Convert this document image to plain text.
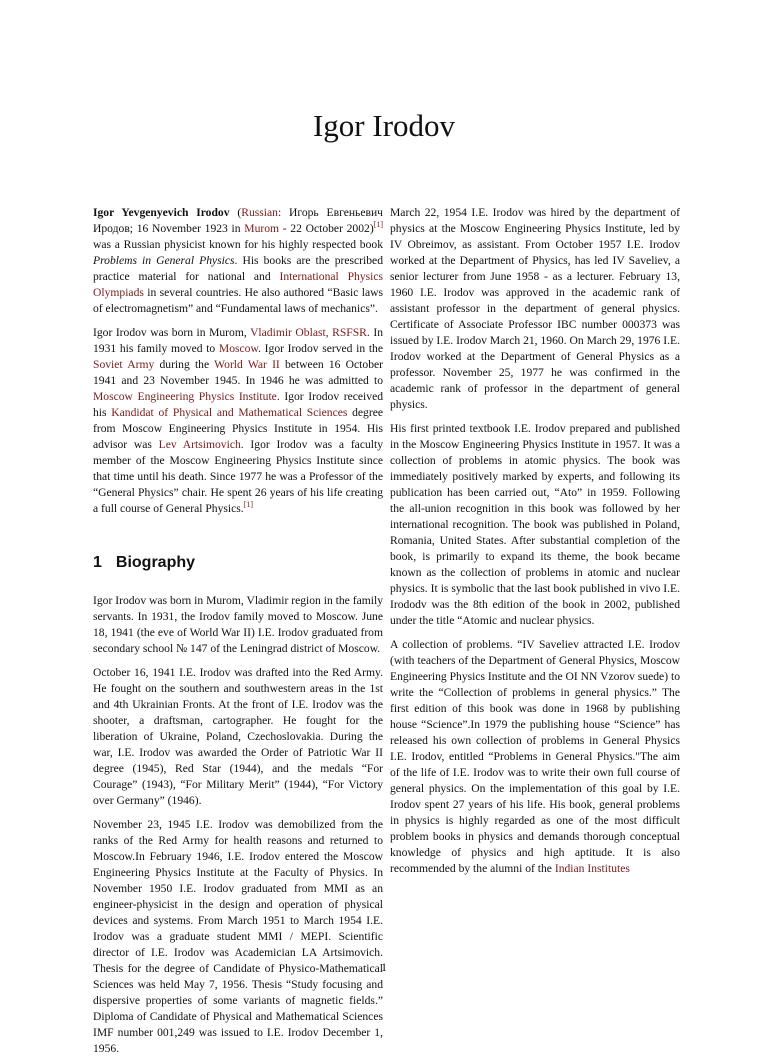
Igor Irodov

Igor Yevgenyevich Irodov (Russian: Игорь Евгеньевич Иродов; 16 November 1923 in Murom - 22 October 2002)[1] was a Russian physicist known for his highly respected book Problems in General Physics. His books are the prescribed practice material for national and International Physics Olympiads in several countries. He also authored “Basic laws of electromagnetism” and “Fundamental laws of mechanics”.

Igor Irodov was born in Murom, Vladimir Oblast, RSFSR. In 1931 his family moved to Moscow. Igor Irodov served in the Soviet Army during the World War II between 16 October 1941 and 23 November 1945. In 1946 he was admitted to Moscow Engineering Physics Institute. Igor Irodov received his Kandidat of Physical and Mathematical Sciences degree from Moscow Engineering Physics Institute in 1954. His advisor was Lev Artsimovich. Igor Irodov was a faculty member of the Moscow Engineering Physics Institute since that time until his death. Since 1977 he was a Professor of the “General Physics” chair. He spent 26 years of his life creating a full course of General Physics.[1]

1 Biography

Igor Irodov was born in Murom, Vladimir region in the family servants. In 1931, the Irodov family moved to Moscow. June 18, 1941 (the eve of World War II) I.E. Irodov graduated from secondary school № 147 of the Leningrad district of Moscow.

October 16, 1941 I.E. Irodov was drafted into the Red Army. He fought on the southern and southwestern areas in the 1st and 4th Ukrainian Fronts. At the front of I.E. Irodov was the shooter, a draftsman, cartographer. He fought for the liberation of Ukraine, Poland, Czechoslovakia. During the war, I.E. Irodov was awarded the Order of Patriotic War II degree (1945), Red Star (1944), and the medals “For Courage” (1943), “For Military Merit” (1944), “For Victory over Germany” (1946).

November 23, 1945 I.E. Irodov was demobilized from the ranks of the Red Army for health reasons and returned to Moscow.In February 1946, I.E. Irodov entered the Moscow Engineering Physics Institute at the Faculty of Physics. In November 1950 I.E. Irodov graduated from MMI as an engineer-physicist in the design and operation of physical devices and systems. From March 1951 to March 1954 I.E. Irodov was a graduate student MMI / MEPI. Scientific director of I.E. Irodov was Academician LA Artsimovich. Thesis for the degree of Candidate of Physico-Mathematical Sciences was held May 7, 1956. Thesis “Study focusing and dispersive properties of some variants of magnetic fields.” Diploma of Candidate of Physical and Mathematical Sciences IMF number 001,249 was issued to I.E. Irodov December 1, 1956.

March 22, 1954 I.E. Irodov was hired by the department of physics at the Moscow Engineering Physics Institute, led by IV Obreimov, as assistant. From October 1957 I.E. Irodov worked at the Department of Physics, has led IV Saveliev, a senior lecturer from June 1958 - as a lecturer. February 13, 1960 I.E. Irodov was approved in the academic rank of assistant professor in the department of general physics. Certificate of Associate Professor IBC number 000373 was issued by I.E. Irodov March 21, 1960. On March 29, 1976 I.E. Irodov worked at the Department of General Physics as a professor. November 25, 1977 he was confirmed in the academic rank of professor in the department of general physics.

His first printed textbook I.E. Irodov prepared and published in the Moscow Engineering Physics Institute in 1957. It was a collection of problems in atomic physics. The book was immediately positively marked by experts, and following its publication has been carried out, “Ato” in 1959. Following the all-union recognition in this book was followed by her international recognition. The book was published in Poland, Romania, United States. After substantial completion of the book, is primarily to expand its theme, the book became known as the collection of problems in atomic and nuclear physics. It is symbolic that the last book published in vivo I.E. Irododv was the 8th edition of the book in 2002, published under the title “Atomic and nuclear physics.

A collection of problems. “IV Saveliev attracted I.E. Irodov (with teachers of the Department of General Physics, Moscow Engineering Physics Institute and the OI NN Vzorov suede) to write the “Collection of problems in general physics.” The first edition of this book was done in 1968 by publishing house “Science”.In 1979 the publishing house “Science” has released his own collection of problems in General Physics I.E. Irodov, entitled “Problems in General Physics."The aim of the life of I.E. Irodov was to write their own full course of general physics. On the implementation of this goal by I.E. Irodov spent 27 years of his life. His book, general problems in physics is highly regarded as one of the most difficult problem books in physics and demands thorough conceptual knowledge of physics and high aptitude. It is also recommended by the alumni of the Indian Institutes

1
